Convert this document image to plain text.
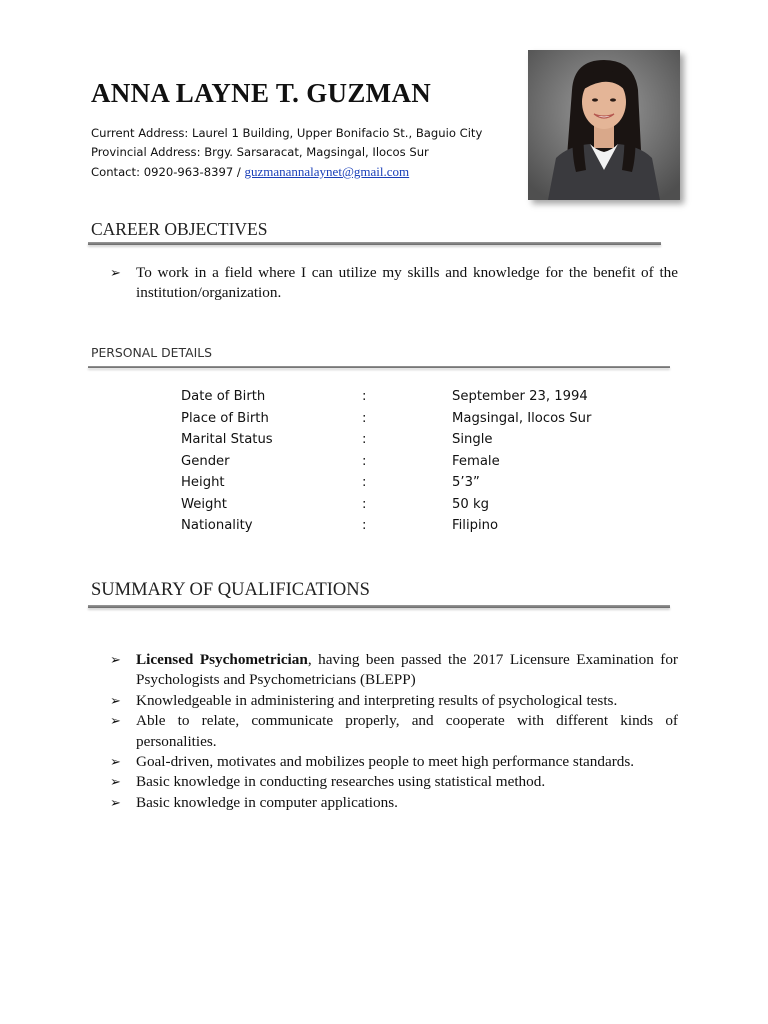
ANNA LAYNE T. GUZMAN
Current Address: Laurel 1 Building, Upper Bonifacio St., Baguio City
Provincial Address: Brgy. Sarsaracat, Magsingal, Ilocos Sur
Contact: 0920-963-8397 / guzmanannalaynet@gmail.com
CAREER OBJECTIVES
➢ To work in a field where I can utilize my skills and knowledge for the benefit of the institution/organization.
PERSONAL DETAILS
Date of Birth	:	September 23, 1994
Place of Birth	:	Magsingal, Ilocos Sur
Marital Status	:	Single
Gender	:	Female
Height	:	5’3”
Weight	:	50 kg
Nationality	:	Filipino
SUMMARY OF QUALIFICATIONS
➢ Licensed Psychometrician, having been passed the 2017 Licensure Examination for Psychologists and Psychometricians (BLEPP)
➢ Knowledgeable in administering and interpreting results of psychological tests.
➢ Able to relate, communicate properly, and cooperate with different kinds of personalities.
➢ Goal-driven, motivates and mobilizes people to meet high performance standards.
➢ Basic knowledge in conducting researches using statistical method.
➢ Basic knowledge in computer applications.
